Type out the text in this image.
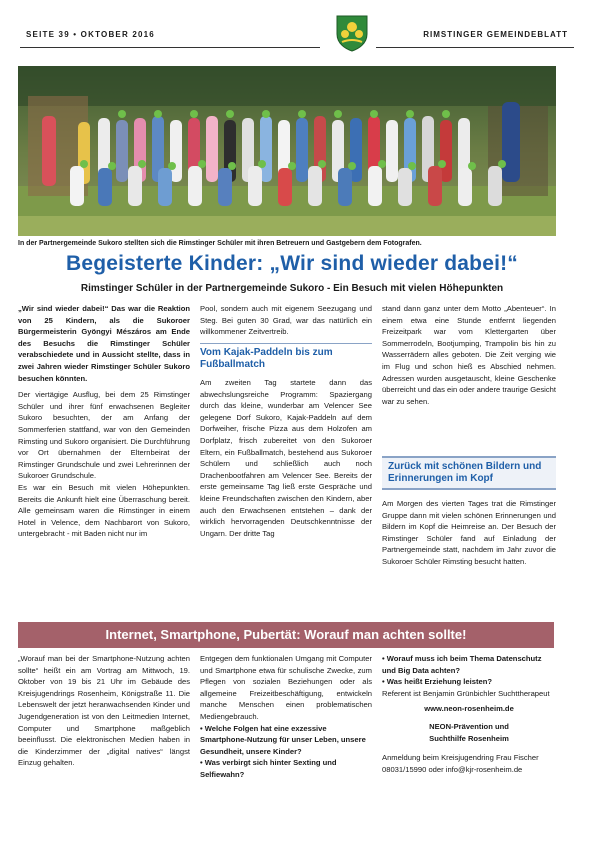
SEITE 39 • OKTOBER 2016	RIMSTINGER GEMEINDEBLATT
In der Partnergemeinde Sukoro stellten sich die Rimstinger Schüler mit ihren Betreuern und Gastgebern dem Fotografen.
Begeisterte Kinder: „Wir sind wieder dabei!“
Rimstinger Schüler in der Partnergemeinde Sukoro - Ein Besuch mit vielen Höhepunkten

„Wir sind wieder dabei!“ Das war die Reaktion von 25 Kindern, als die Sukoroer Bürgermeisterin Gyöngyi Mészáros am Ende des Besuchs die Rimstinger Schüler verabschiedete und in Aussicht stellte, dass in zwei Jahren wieder Rimstinger Schüler Sukoro besuchen könnten.

Der viertägige Ausflug, bei dem 25 Rimstinger Schüler und ihrer fünf erwachsenen Begleiter Sukoro besuchten, der am Anfang der Sommerferien stattfand, war von den Gemeinden Rimsting und Sukoro organisiert. Die Durchführung vor Ort übernahmen der Elternbeirat der Rimstinger Grundschule und zwei Lehrerinnen der Sukoroer Grundschule.

Es war ein Besuch mit vielen Höhepunkten. Bereits die Ankunft hielt eine Überraschung bereit. Alle gemeinsam waren die Rimstinger in einem Hotel in Velence, dem Nachbarort von Sukoro, untergebracht - mit Baden nicht nur im

Pool, sondern auch mit eigenem Seezugang und Steg. Bei guten 30 Grad, war das natürlich ein willkommener Zeitvertreib.

Vom Kajak-Paddeln bis zum Fußballmatch

Am zweiten Tag startete dann das abwechslungsreiche Programm: Spaziergang durch das kleine, wunderbar am Velencer See gelegene Dorf Sukoro, Kajak-Paddeln auf dem Dorfweiher, frische Pizza aus dem Holzofen am Dorfplatz, frisch zubereitet von den Sukoroer Eltern, ein Fußballmatch, bestehend aus Sukoroer Schülern und schließlich auch noch Drachenbootfahren am Velencer See. Bereits der erste gemeinsame Tag ließ erste Gespräche und kleine Freundschaften zwischen den Kindern, aber auch den Erwachsenen entstehen – dank der wirklich hervorragenden Deutschkenntnisse der Ungarn. Der dritte Tag

stand dann ganz unter dem Motto „Abenteuer“. In einem etwa eine Stunde entfernt liegenden Freizeitpark war vom Klettergarten über Sommerrodeln, Bootjumping, Trampolin bis hin zu Wasserrädern alles geboten. Die Zeit verging wie im Flug und schon hieß es Abschied nehmen. Adressen wurden ausgetauscht, kleine Geschenke überreicht und das ein oder andere traurige Gesicht war zu sehen.

Zurück mit schönen Bildern und Erinnerungen im Kopf

Am Morgen des vierten Tages trat die Rimstinger Gruppe dann mit vielen schönen Erinnerungen und Bildern im Kopf die Heimreise an. Der Besuch der Rimstinger Schüler fand auf Einladung der Partnergemeinde statt, nachdem im Jahr zuvor die Sukoroer Schüler Rimsting besucht hatten.

Internet, Smartphone, Pubertät: Worauf man achten sollte!

„Worauf man bei der Smartphone-Nutzung achten sollte“ heißt ein am Vortrag am Mittwoch, 19. Oktober von 19 bis 21 Uhr im Gebäude des Kreisjugendrings Rosenheim, Königstraße 11. Die Lebenswelt der jetzt heranwachsenden Kinder und Jugendgeneration ist von den Leitmedien Internet, Computer und Smartphone maßgeblich beeinflusst. Die elektronischen Medien haben in die Kinderzimmer der „digital natives“ längst Einzug gehalten.

Entgegen dem funktionalen Umgang mit Computer und Smartphone etwa für schulische Zwecke, zum Pflegen von sozialen Beziehungen oder als allgemeine Freizeitbeschäftigung, entwickeln manche Menschen einen problematischen Mediengebrauch.

• Welche Folgen hat eine exzessive Smartphone-Nutzung für unser Leben, unsere Gesundheit, unsere Kinder?

• Was verbirgt sich hinter Sexting und Selfiewahn?

• Worauf muss ich beim Thema Datenschutz und Big Data achten?

• Was heißt Erziehung leisten?

Referent ist Benjamin Grünbichler Suchttherapeut

www.neon-rosenheim.de

NEON-Prävention und

Suchthilfe Rosenheim

Anmeldung beim Kreisjugendring Frau Fischer 08031/15990 oder info@kjr-rosenheim.de
